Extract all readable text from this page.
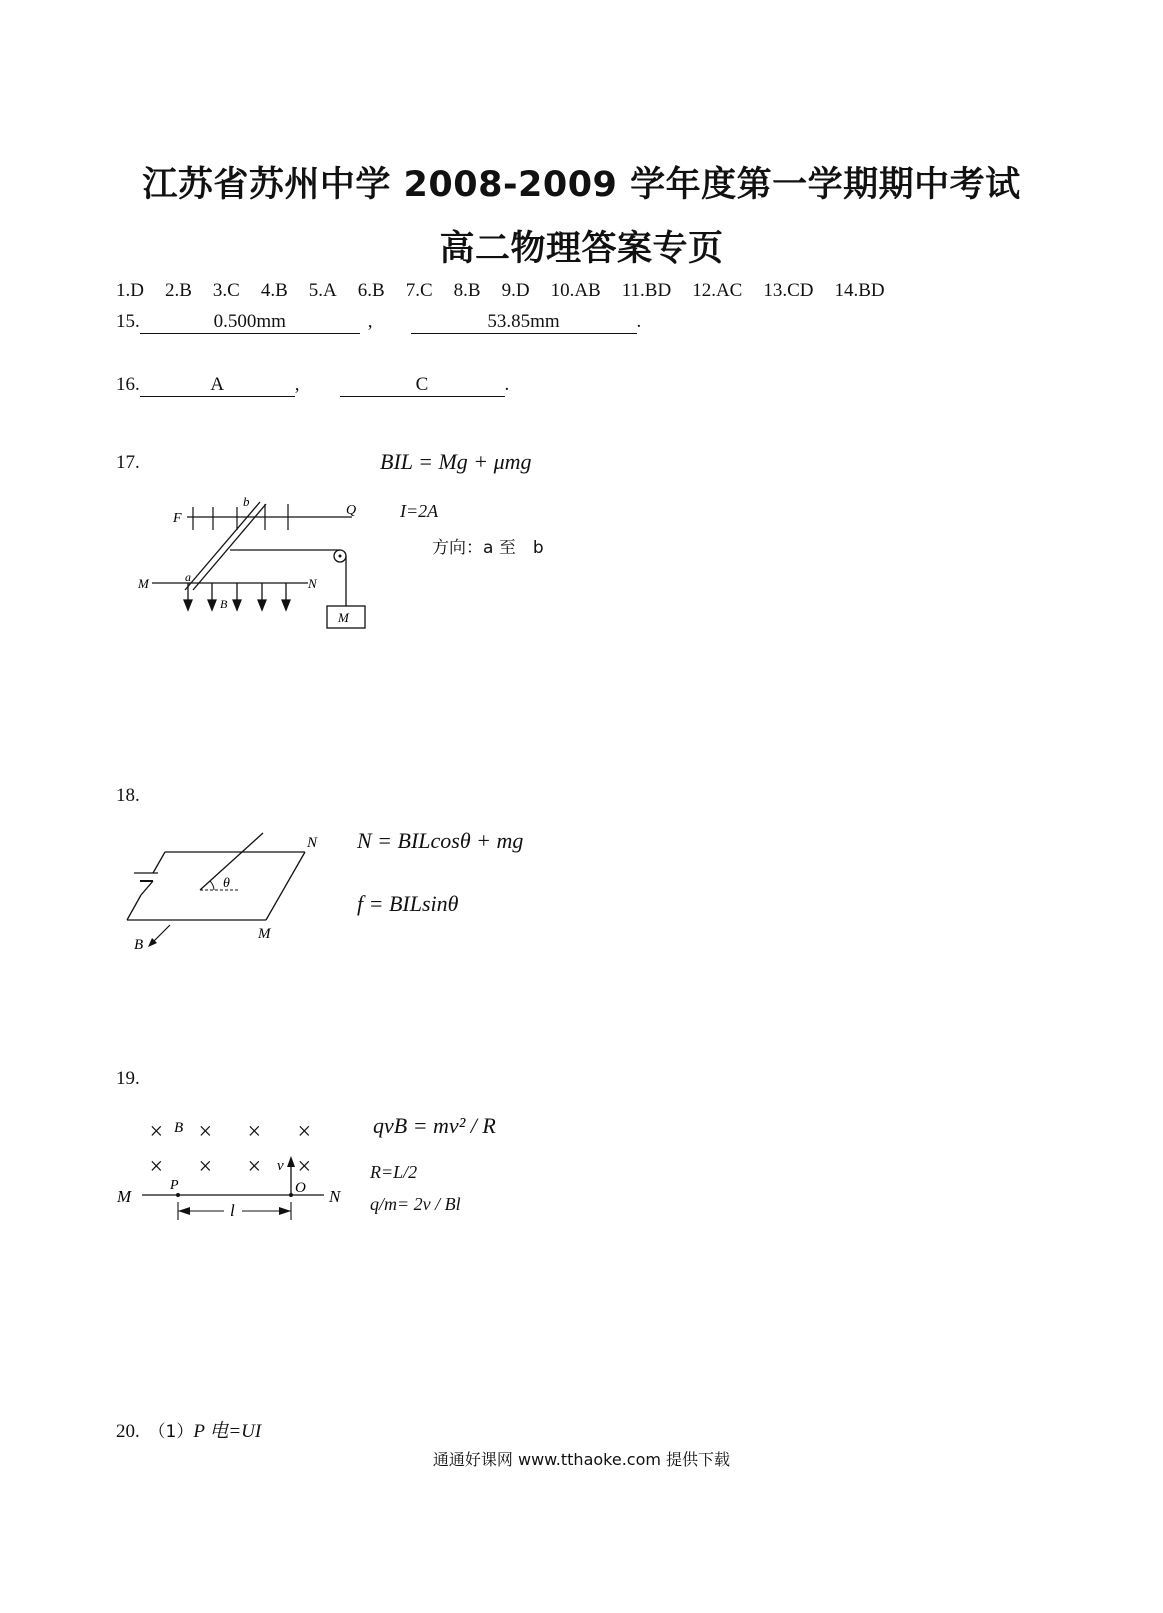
江苏省苏州中学 2008-2009 学年度第一学期期中考试
高二物理答案专页
1.D 2.B 3.C 4.B 5.A 6.B 7.C 8.B 9.D 10.AB 11.BD 12.AC 13.CD 14.BD
15.	0.500mm	,	53.85mm	.
16.	A	,	C	.
17.	BIL = Mg + μmg
I=2A
方向：a 至　b
F
b
Q
M	a	N
B
M
18.
N = BILcosθ + mg
f = BILsinθ
θ
N
M
B
19.
qvB = mv² / R
R=L/2
q/m= 2v / Bl
× × × ×
× × × ×
B
M	N
P	O
v
l
20. （1）P 电=UI
通通好课网 www.tthaoke.com 提供下载
